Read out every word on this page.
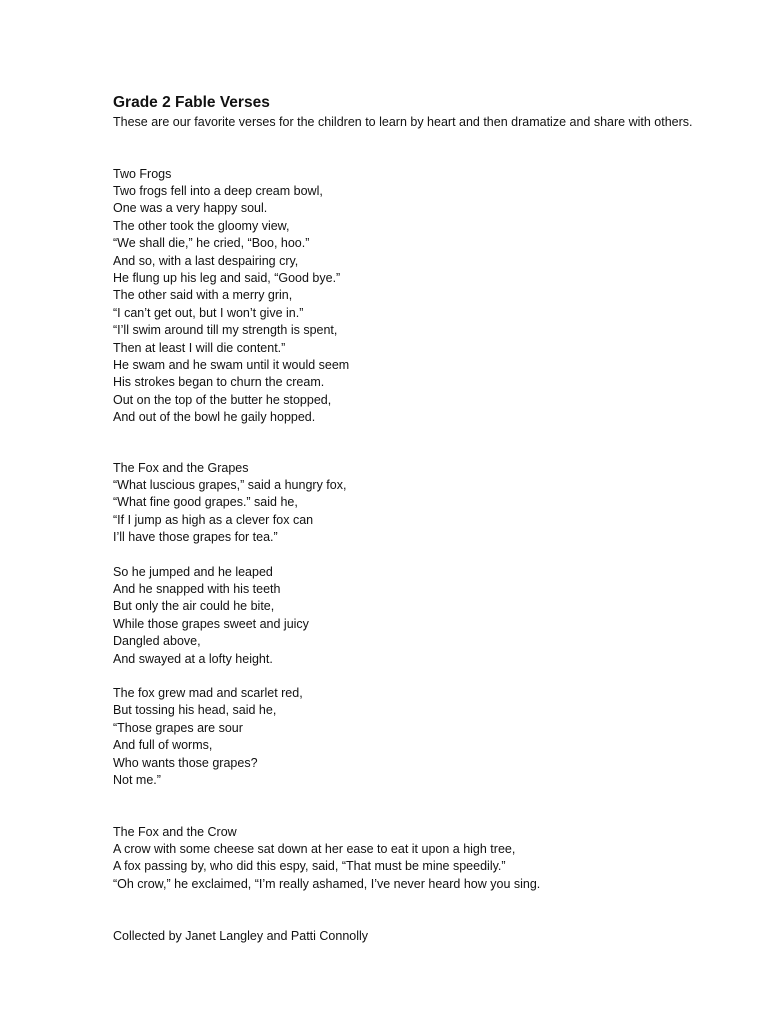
Grade 2 Fable Verses

These are our favorite verses for the children to learn by heart and then dramatize and share with others.

Two Frogs
Two frogs fell into a deep cream bowl,
One was a very happy soul.
The other took the gloomy view,
“We shall die,” he cried, “Boo, hoo.”
And so, with a last despairing cry,
He flung up his leg and said, “Good bye.”
The other said with a merry grin,
“I can’t get out, but I won’t give in.”
“I’ll swim around till my strength is spent,
Then at least I will die content.”
He swam and he swam until it would seem
His strokes began to churn the cream.
Out on the top of the butter he stopped,
And out of the bowl he gaily hopped.
The Fox and the Grapes
“What luscious grapes,” said a hungry fox,
“What fine good grapes.” said he,
“If I jump as high as a clever fox can
I’ll have those grapes for tea.”
So he jumped and he leaped
And he snapped with his teeth
But only the air could he bite,
While those grapes sweet and juicy
Dangled above,
And swayed at a lofty height.
The fox grew mad and scarlet red,
But tossing his head, said he,
“Those grapes are sour
And full of worms,
Who wants those grapes?
Not me.”
The Fox and the Crow
A crow with some cheese sat down at her ease to eat it upon a high tree,
A fox passing by, who did this espy, said, “That must be mine speedily.”
“Oh crow,” he exclaimed, “I’m really ashamed, I’ve never heard how you sing.

Collected by Janet Langley and Patti Connolly
